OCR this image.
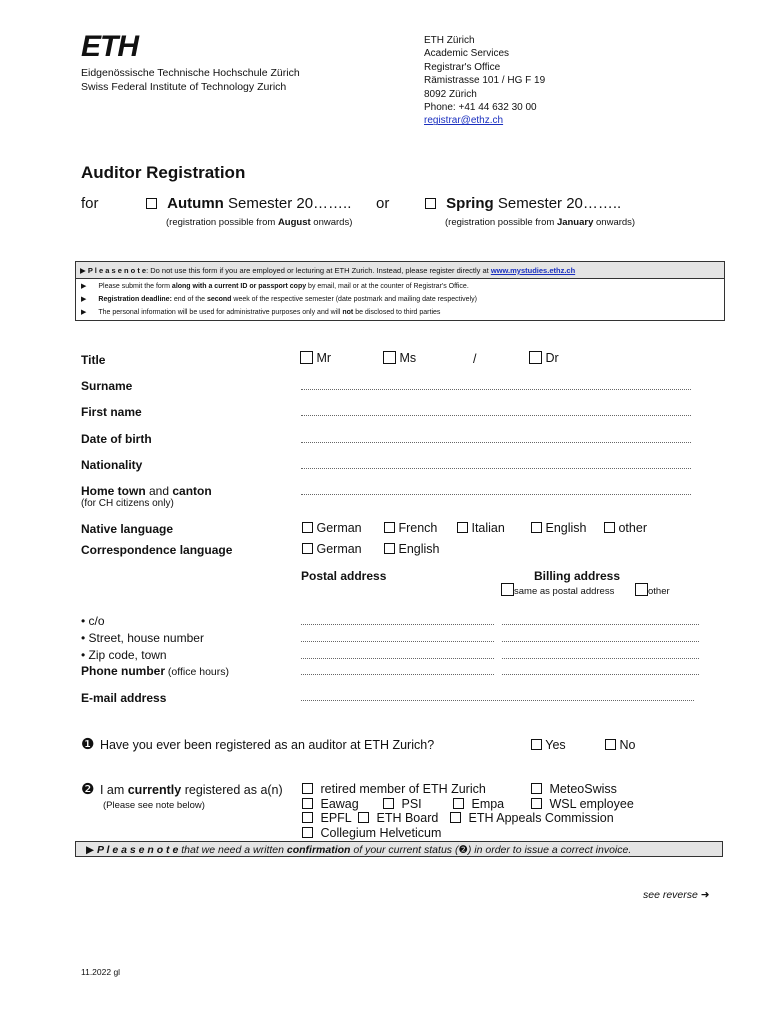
ETH
Eidgenössische Technische Hochschule Zürich
Swiss Federal Institute of Technology Zurich
ETH Zürich
Academic Services
Registrar's Office
Rämistrasse 101 / HG F 19
8092 Zürich
Phone: +41 44 632 30 00
registrar@ethz.ch
Auditor Registration
for	Autumn Semester 20…….. or	Spring Semester 20……..
(registration possible from August onwards)	(registration possible from January onwards)
▶ P l e a s e n o t e: Do not use this form if you are employed or lecturing at ETH Zurich. Instead, please register directly at www.mystudies.ethz.ch
▶ Please submit the form along with a current ID or passport copy by email, mail or at the counter of Registrar's Office.
▶ Registration deadline: end of the second week of the respective semester (date postmark and mailing date respectively)
▶ The personal information will be used for administrative purposes only and will not be disclosed to third parties
Title	Mr	Ms	/	Dr
Surname
First name
Date of birth
Nationality
Home town and canton
(for CH citizens only)
Native language	German	French	Italian	English	other
Correspondence language	German	English
Postal address	Billing address
same as postal address	other
• c/o
• Street, house number
• Zip code, town
Phone number (office hours)
E-mail address
❶ Have you ever been registered as an auditor at ETH Zurich?	Yes	No
❷ I am currently registered as a(n)
(Please see note below)
retired member of ETH Zurich	MeteoSwiss
Eawag	PSI	Empa	WSL employee
EPFL	ETH Board	ETH Appeals Commission
Collegium Helveticum
▶ P l e a s e n o t e that we need a written confirmation of your current status (❷) in order to issue a correct invoice.
see reverse ➜
11.2022 gl
